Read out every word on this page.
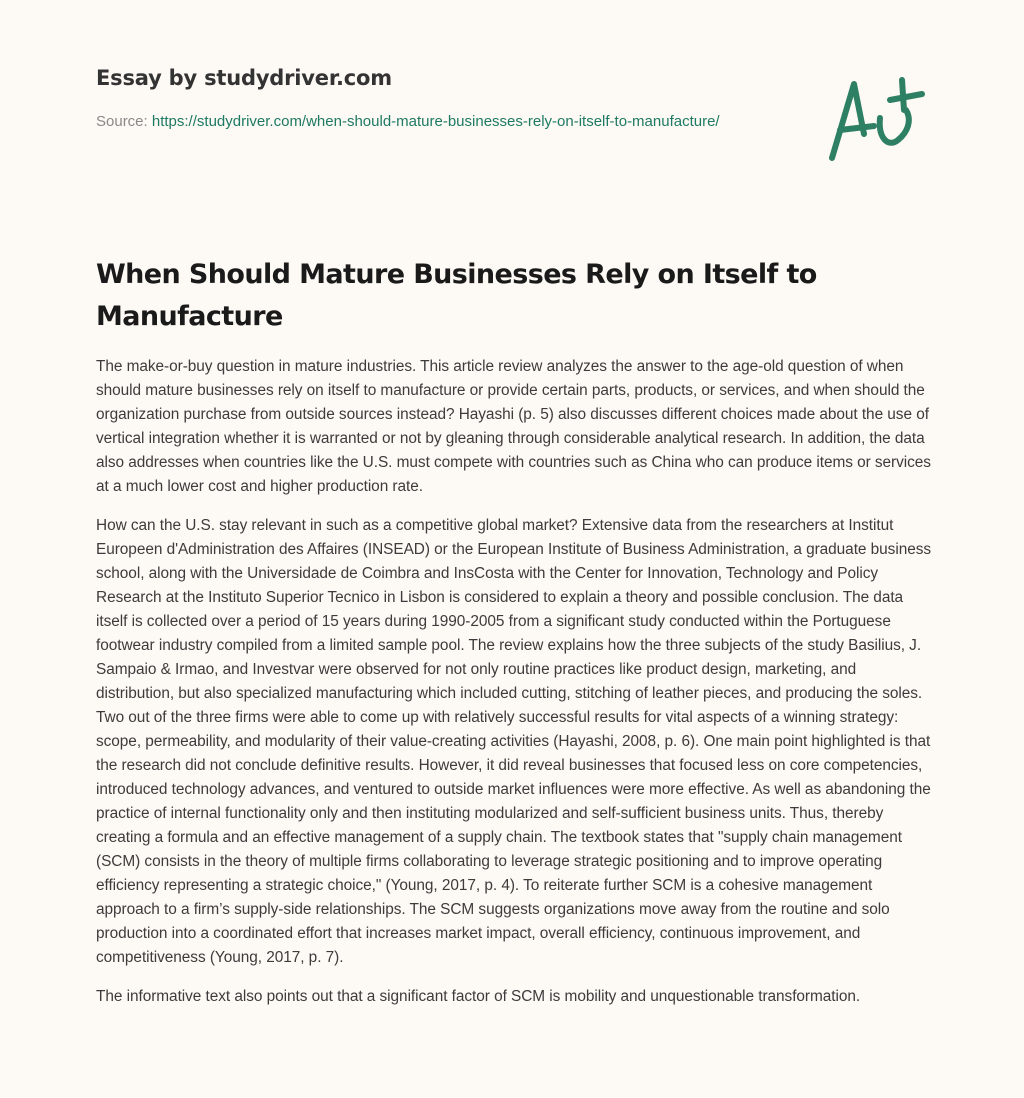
Essay by studydriver.com
Source: https://studydriver.com/when-should-mature-businesses-rely-on-itself-to-manufacture/
When Should Mature Businesses Rely on Itself to Manufacture

The make-or-buy question in mature industries. This article review analyzes the answer to the age-old question of when should mature businesses rely on itself to manufacture or provide certain parts, products, or services, and when should the organization purchase from outside sources instead? Hayashi (p. 5) also discusses different choices made about the use of vertical integration whether it is warranted or not by gleaning through considerable analytical research. In addition, the data also addresses when countries like the U.S. must compete with countries such as China who can produce items or services at a much lower cost and higher production rate.

How can the U.S. stay relevant in such as a competitive global market? Extensive data from the researchers at Institut Europeen d'Administration des Affaires (INSEAD) or the European Institute of Business Administration, a graduate business school, along with the Universidade de Coimbra and InsCosta with the Center for Innovation, Technology and Policy Research at the Instituto Superior Tecnico in Lisbon is considered to explain a theory and possible conclusion. The data itself is collected over a period of 15 years during 1990-2005 from a significant study conducted within the Portuguese footwear industry compiled from a limited sample pool. The review explains how the three subjects of the study Basilius, J. Sampaio & Irmao, and Investvar were observed for not only routine practices like product design, marketing, and distribution, but also specialized manufacturing which included cutting, stitching of leather pieces, and producing the soles. Two out of the three firms were able to come up with relatively successful results for vital aspects of a winning strategy: scope, permeability, and modularity of their value-creating activities (Hayashi, 2008, p. 6). One main point highlighted is that the research did not conclude definitive results. However, it did reveal businesses that focused less on core competencies, introduced technology advances, and ventured to outside market influences were more effective. As well as abandoning the practice of internal functionality only and then instituting modularized and self-sufficient business units. Thus, thereby creating a formula and an effective management of a supply chain. The textbook states that "supply chain management (SCM) consists in the theory of multiple firms collaborating to leverage strategic positioning and to improve operating efficiency representing a strategic choice," (Young, 2017, p. 4). To reiterate further SCM is a cohesive management approach to a firm’s supply-side relationships. The SCM suggests organizations move away from the routine and solo production into a coordinated effort that increases market impact, overall efficiency, continuous improvement, and competitiveness (Young, 2017, p. 7).

The informative text also points out that a significant factor of SCM is mobility and unquestionable transformation.
